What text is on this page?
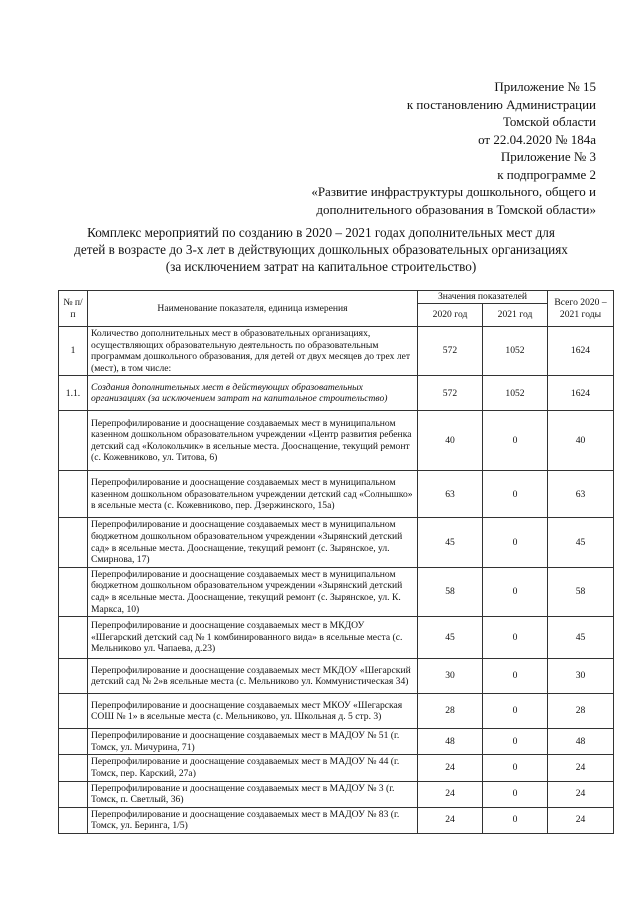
Приложение № 15
к постановлению Администрации
Томской области
от 22.04.2020 № 184а
Приложение № 3
к подпрограмме 2
«Развитие инфраструктуры дошкольного, общего и
дополнительного образования в Томской области»
Комплекс мероприятий по созданию в 2020 – 2021 годах дополнительных мест для
детей в возрасте до 3-х лет в действующих дошкольных образовательных организациях
(за исключением затрат на капитальное строительство)
№ п/п	Наименование показателя, единица измерения	Значения показателей		Всего 2020 – 2021 годы
		2020 год	2021 год	
1	Количество дополнительных мест в образовательных организациях, осуществляющих образовательную деятельность по образовательным программам дошкольного образования, для детей от двух месяцев до трех лет (мест), в том числе:	572	1052	1624
1.1.	Создания дополнительных мест в действующих образовательных организациях (за исключением затрат на капитальное строительство)	572	1052	1624
	Перепрофилирование и дооснащение создаваемых мест в муниципальном казенном дошкольном образовательном учреждении «Центр развития ребенка детский сад «Колокольчик» в ясельные места. Дооснащение, текущий ремонт (с. Кожевниково, ул. Титова, 6)	40	0	40
	Перепрофилирование и дооснащение создаваемых мест в муниципальном казенном дошкольном образовательном учреждении детский сад «Солнышко» в ясельные места (с. Кожевниково, пер. Дзержинского, 15а)	63	0	63
	Перепрофилирование и дооснащение создаваемых мест в муниципальном бюджетном дошкольном образовательном учреждении «Зырянский детский сад» в ясельные места. Дооснащение, текущий ремонт (с. Зырянское, ул. Смирнова, 17)	45	0	45
	Перепрофилирование и дооснащение создаваемых мест в муниципальном бюджетном дошкольном образовательном учреждении «Зырянский детский сад» в ясельные места. Дооснащение, текущий ремонт (с. Зырянское, ул. К. Маркса, 10)	58	0	58
	Перепрофилирование и дооснащение создаваемых мест в МКДОУ «Шегарский детский сад № 1 комбинированного вида» в ясельные места (с. Мельниково ул. Чапаева, д.23)	45	0	45
	Перепрофилирование и дооснащение создаваемых мест МКДОУ «Шегарский детский сад № 2»в ясельные места (с. Мельниково ул. Коммунистическая 34)	30	0	30
	Перепрофилирование и дооснащение создаваемых мест МКОУ «Шегарская СОШ № 1» в ясельные места (с. Мельниково, ул. Школьная д. 5 стр. 3)	28	0	28
	Перепрофилирование и дооснащение создаваемых мест в МАДОУ № 51 (г. Томск, ул. Мичурина, 71)	48	0	48
	Перепрофилирование и дооснащение создаваемых мест в МАДОУ № 44 (г. Томск, пер. Карский, 27а)	24	0	24
	Перепрофилирование и дооснащение создаваемых мест в МАДОУ № 3 (г. Томск, п. Светлый, 36)	24	0	24
	Перепрофилирование и дооснащение создаваемых мест в МАДОУ № 83 (г. Томск, ул. Беринга, 1/5)	24	0	24
